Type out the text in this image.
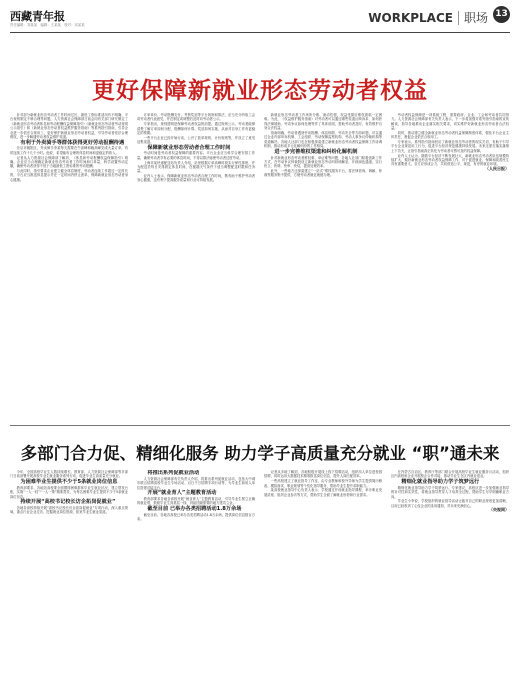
西藏青年报
责任编辑：刘某某　编辑：王某某　校对：宋某某	WORKPLACE 职场 13
更好保障新就业形态劳动者权益

针对部分新就业形态劳动者工作时间过长、最低工资标准适用有不明确、平台规则制定不够合理等问题，人力资源社会保障部日前会同有关部门研究制定了《新就业形态劳动者休息和劳动报酬权益保障指引》《新就业形态劳动者劳动规则公示指引》和《新就业形态劳动者权益维护服务指南》等系列指引指南，引导企业进一步依法合规用工，更好保护新就业形态劳动者权益，引导劳动者依法合理维权，进一步畅通劳动者权益维护渠道。

有利于外卖骑手等群体获得更好劳动报酬待遇

北京市朝阳区，外卖骑手李某每天需要在午高峰和晚高峰完成大量订单，有时连续工作十几个小时。他说，希望能有合理的休息时间和更稳定的收入。

记者从人力资源社会保障部了解到，《休息和劳动报酬权益保障指引》明确，企业应当合理确定新就业形态劳动者工作时间和订单量，科学设置劳动定额，确保劳动者获得不低于当地最低工资标准的劳动报酬。

与此同时，指引要求企业建立健全休息制度，劳动者连续工作超过一定时长的，平台应当推送休息提示并在一定时间内停止派单，保障新就业形态劳动者身心健康。

订单单价、劳动报酬支付、考核奖惩等平台规则和算法，应当充分听取工会或劳动者代表意见，并在制定或调整后及时向劳动者公示。

专家指出，规则透明是保障劳动者权益的前提。通过规则公示，劳动者能够清楚了解订单如何分配、报酬如何计算、奖惩如何实施，从而对自身工作有更稳定的预期。

一些平台企业已经开始行动，公开了派单规则、计价规则等，并设立了意见征集渠道。

保障新就业形态劳动者合理工作时间

劳动时间是劳动者权益保障的重要内容。平台企业应当科学合理安排工作量，确保劳动者享有必要的休息时间，不得以算法驱使劳动者过度劳动。

上海市某快递配送站负责人介绍，站里根据订单高峰时段实行弹性排班，并为配送员每日安排固定休息时间，在极端天气条件下适当调整配送时限和任务量。

业内人士表示，保障新就业形态劳动者合理工作时间，既有助于维护劳动者身心健康，也有利于提高服务质量和行业可持续发展。

新就业形态劳动者工作场所分散、流动性强，权益受损后维权面临一定困难。为此，《权益维护服务指南》对劳动者可以通过哪些渠道反映诉求、如何获得法律援助、劳动争议如何处理等作了具体说明，帮助劳动者及时、有效维护自身合法权益。

指南明确，劳动者遇到劳动报酬、休息休假、劳动安全等方面问题，可以通过企业内部申诉机制、工会组织、劳动保障监察机构、劳动人事争议仲裁机构等渠道解决。各地人社部门也在积极探索建立新就业形态劳动者权益保障工作协调机制，推动形成多元化解纠纷的工作格局。

进一步完善维权渠道和纠纷化解机制

针对新就业形态劳动者维权难、举证难等问题，各地人社部门积极创新工作方式，在劳动争议仲裁院设立新就业形态劳动纠纷调解室，开辟绿色通道，实行快立、快调、快审、快结，提高处理效率。

此外，一些地方还探索建立“一站式”维权服务平台，将法律咨询、调解、仲裁等服务集中提供，方便劳动者就近就便办理。

劳动者权益保障是一项系统工程，需要政府、企业、工会和劳动者共同努力。人力资源社会保障部有关负责人表示，下一步将加强对系列指引指南的宣传解读，指导各地推动企业落实相关要求，切实维护好新就业形态劳动者合法权益。

同时，推动建立健全新就业形态劳动者权益保障制度体系，强化平台企业主体责任，督促企业依法合规用工。

专家表示，系列指引指南回应了新就业形态劳动者的现实关切，有助于引导平台企业规范用工行为，促进平台经济规范健康持续发展。未来还需在落实落细上下功夫，让指引指南真正转化为劳动者可感可及的权益保障。

业内人士认为，随着平台经济不断发展壮大，新就业形态劳动者队伍规模持续扩大，做好新就业形态劳动者权益保障工作，对于促进就业、保障和改善民生具有重要意义。各方应形成合力，共同营造公平、规范、有序的就业环境。

（人民日报）

多部门合力促、精细化服务 助力学子高质量充分就业 “职”通未来

今年，全国高校毕业生人数持续增长。教育部、人力资源社会保障部等多部门日前部署开展高校毕业生就业服务系列行动，促进毕业生高质量充分就业。

为困难毕业生提供不少于5条就业岗位信息

教育部要求，各地各高校要全面摸排困难群体毕业生就业状况，建立帮扶台账，实施“一人一档”“一人一策”精准帮扶，为每名困难毕业生提供不少于5条就业岗位信息。

持续开展“高校书记校长访企拓岗促就业”

各地各高校持续开展“高校书记校长访企拓岗促就业”专项行动，深入重点领域、重点行业企业走访，挖掘就业岗位资源，拓宽毕业生就业渠道。

将推出系列促就业活动

人力资源社会保障部有关负责人介绍，将推出系列促就业活动，包括大中城市联合招聘高校毕业生专场活动、百日千万招聘专项行动等，为毕业生和用人单位搭建对接平台。

开展“就业育人”主题教育活动

教育部要求各地各高校开展“就业育人”主题教育活动，引导毕业生树立正确的就业观，鼓励毕业生到基层一线、到祖国最需要的地方建功立业。

截至目前 已举办各类招聘活动1.8万余场

截至目前，各地各高校已举办各类招聘活动1.8万余场，提供岗位信息数百万条。

记者从多地了解到，各地积极开展线上线下招聘活动，组织用人单位进校园招聘，同时运用大数据技术精准推送岗位信息，提升人岗匹配效率。

一些高校建立了就业指导工作室，由专业教师和校外导师为学生提供简历修改、模拟面试、职业规划等个性化指导服务，帮助毕业生提升求职能力。

某高校就业指导中心负责人表示，学校通过开设就业指导课程、举办职业发展讲座、组织企业参访等方式，帮助学生全面了解就业形势和行业需求。

在内蒙古自治区，教育厅等部门联合开展高校毕业生就业服务月活动，组织区内高校和企业开展校企合作对接，推动毕业生在区内就业创业。

精细化就业指导助力学子筑梦远行

精细化就业指导助力学子筑梦远行。专家建议，高校应进一步加强就业指导的针对性和实效性，将就业指导贯穿人才培养全过程，帮助学生尽早明确职业方向。

毕业生小李说，学校组织的就业指导活动让她对自己的职业规划更加清晰，目前已经收到了心仪企业的录用通知，对未来充满信心。

（央视网）
